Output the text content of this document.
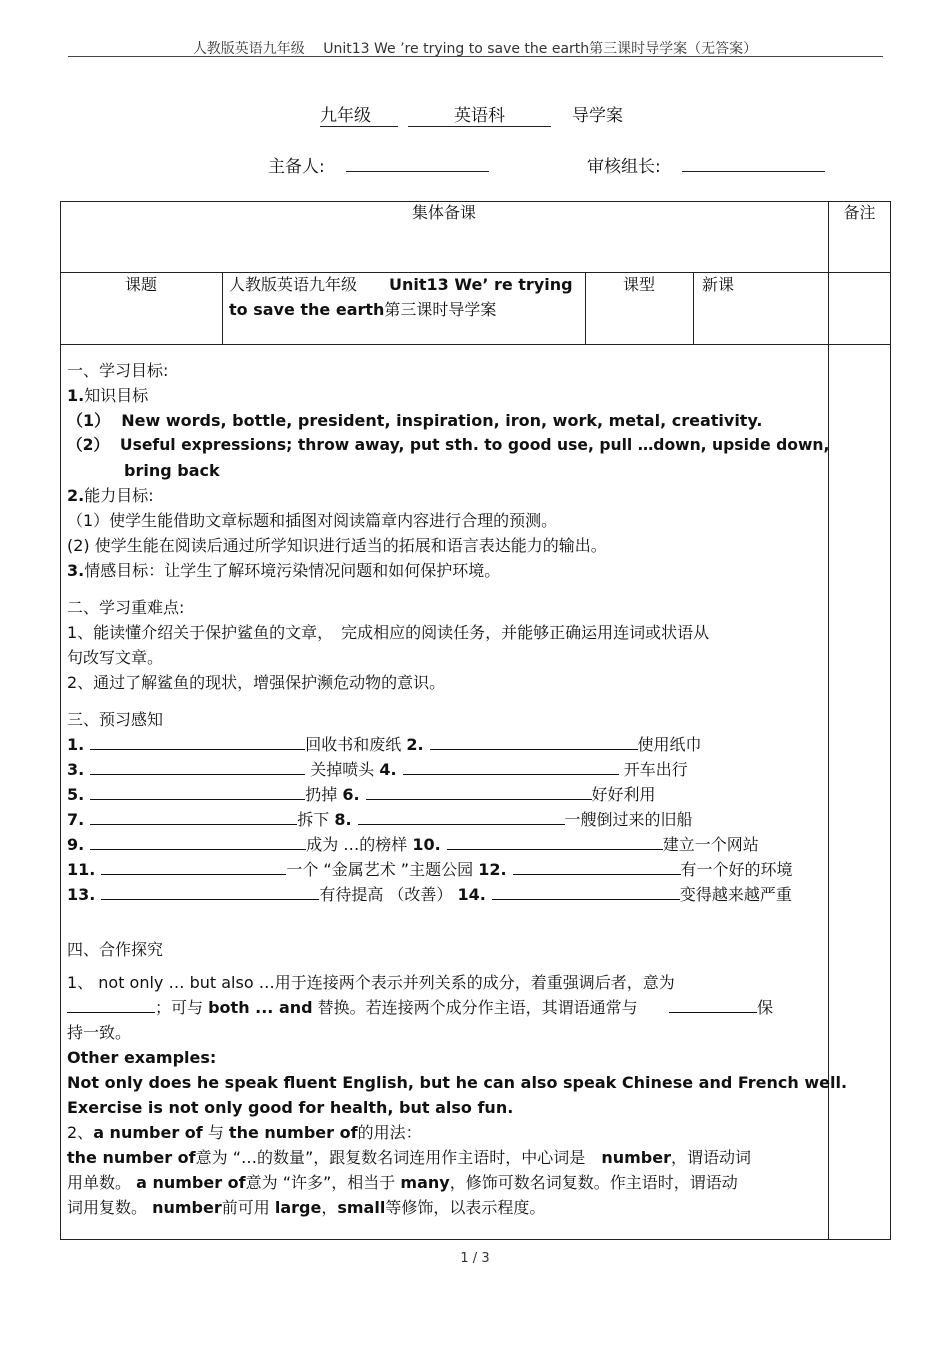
人教版英语九年级　 Unit13 We ’re trying to save the earth第三课时导学案（无答案）
九年级	英语科	导学案
主备人:	审核组长:
集体备课	备注
课题	人教版英语九年级　　 Unit13 We’ re trying
to save the earth第三课时导学案
课型	新课

一、学习目标:

1.知识目标

（1） New words, bottle, president, inspiration, iron, work, metal, creativity.

（2） Useful expressions; throw away, put sth. to good use, pull …down, upside down,

bring back

2.能力目标:

（1）使学生能借助文章标题和插图对阅读篇章内容进行合理的预测。

(2) 使学生能在阅读后通过所学知识进行适当的拓展和语言表达能力的输出。

3.情感目标：让学生了解环境污染情况问题和如何保护环境。

二、学习重难点:

1、能读懂介绍关于保护鲨鱼的文章，　完成相应的阅读任务，并能够正确运用连词或状语从

句改写文章。

2、通过了解鲨鱼的现状，增强保护濒危动物的意识。

三、预习感知

1.	回收书和废纸 2.	使用纸巾

3.	关掉喷头 4.	开车出行

5.	扔掉 6.	好好利用

7.	拆下 8.	一艘倒过来的旧船

9.	成为 …的榜样 10.	建立一个网站

11.	一个 “金属艺术 ”主题公园 12.	有一个好的环境

13.	有待提高 （改善） 14.	变得越来越严重

四、合作探究

1、 not only … but also …用于连接两个表示并列关系的成分，着重强调后者，意为

；可与 both ... and 替换。若连接两个成分作主语，其谓语通常与　	保

持一致。

Other examples:

Not only does he speak fluent English, but he can also speak Chinese and French well.

Exercise is not only good for health, but also fun.

2、a number of 与 the number of的用法：

the number of意为 “…的数量”，跟复数名词连用作主语时，中心词是　number，谓语动词

用单数。 a number of意为 “许多”，相当于 many，修饰可数名词复数。作主语时，谓语动

词用复数。 number前可用 large，small等修饰，以表示程度。

1 / 3
